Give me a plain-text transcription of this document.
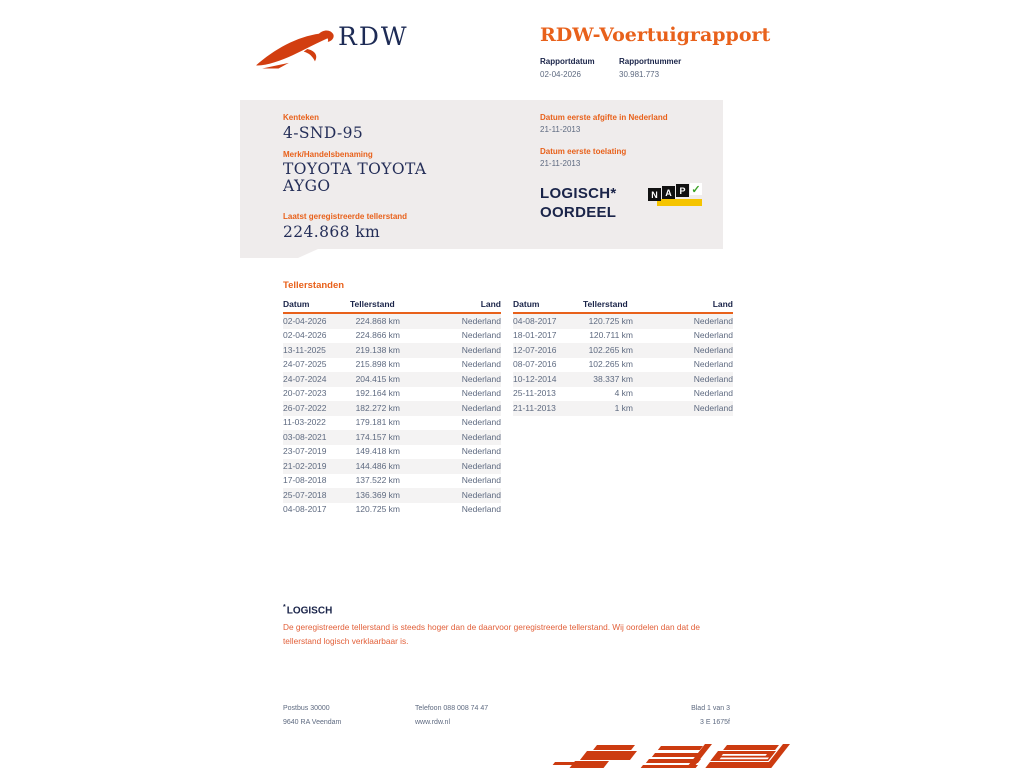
RDW	RDW-Voertuigrapport
Rapportdatum
02-04-2026
Rapportnummer
30.981.773
Kenteken
4-SND-95
Merk/Handelsbenaming
TOYOTA TOYOTA
AYGO
Laatst geregistreerde tellerstand
224.868 km
Datum eerste afgifte in Nederland
21-11-2013
Datum eerste toelating
21-11-2013
LOGISCH*
OORDEEL
N A P ✓
Tellerstanden
Datum	Tellerstand	Land
02-04-2026	224.868 km	Nederland
02-04-2026	224.866 km	Nederland
13-11-2025	219.138 km	Nederland
24-07-2025	215.898 km	Nederland
24-07-2024	204.415 km	Nederland
20-07-2023	192.164 km	Nederland
26-07-2022	182.272 km	Nederland
11-03-2022	179.181 km	Nederland
03-08-2021	174.157 km	Nederland
23-07-2019	149.418 km	Nederland
21-02-2019	144.486 km	Nederland
17-08-2018	137.522 km	Nederland
25-07-2018	136.369 km	Nederland
04-08-2017	120.725 km	Nederland
Datum	Tellerstand	Land
04-08-2017	120.725 km	Nederland
18-01-2017	120.711 km	Nederland
12-07-2016	102.265 km	Nederland
08-07-2016	102.265 km	Nederland
10-12-2014	38.337 km	Nederland
25-11-2013	4 km	Nederland
21-11-2013	1 km	Nederland
*LOGISCH
De geregistreerde tellerstand is steeds hoger dan de daarvoor geregistreerde tellerstand. Wij oordelen dan dat de tellerstand logisch verklaarbaar is.
Postbus 30000
9640 RA Veendam
Telefoon 088 008 74 47
www.rdw.nl
Blad 1 van 3
3 E 1675f
